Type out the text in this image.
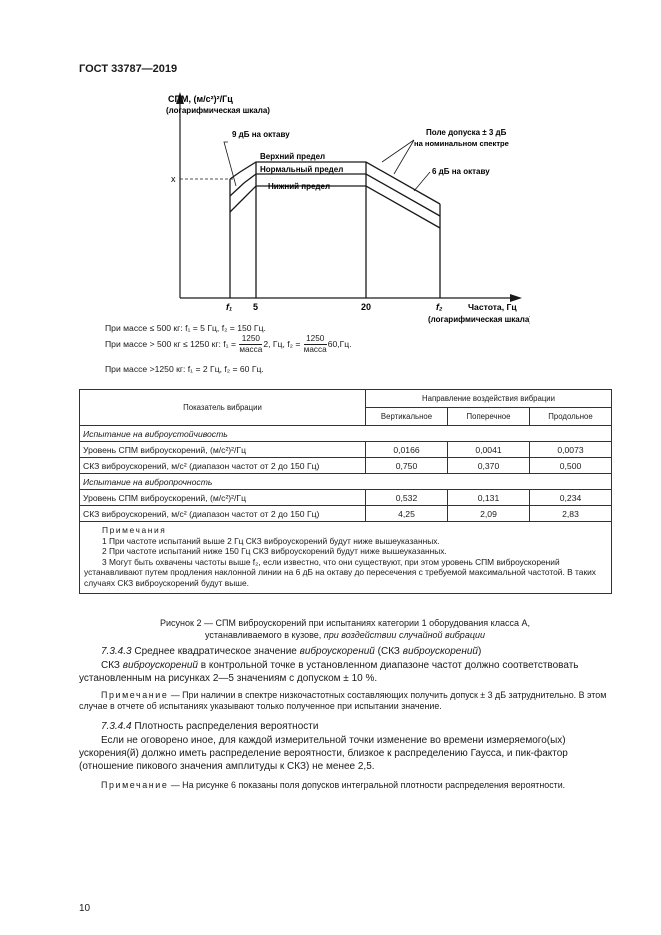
ГОСТ 33787—2019
СПМ, (м/с²)²/Гц
(логарифмическая шкала)
x
9 дБ на октаву	Поле допуска ± 3 дБ
на номинальном спектре
6 дБ на октаву
Верхний предел
Нормальный предел
Нижний предел
f₁ 5	20	f₂	Частота, Гц
(логарифмическая шкала)
При массе ≤ 500 кг: f₁ = 5 Гц, f₂ = 150 Гц.
При массе > 500 кг ≤ 1250 кг: $f_1 = \frac{1250}{\text{масса}} 2$, Гц, $f_2 = \frac{1250}{\text{масса}} 60,Гц$.
При массе >1250 кг: f₁ = 2 Гц, f₂ = 60 Гц.
Показатель вибрации	Направление воздействия вибрации		
	Вертикальное	Поперечное	Продольное
Испытание на виброустойчивость			
Уровень СПМ виброускорений, (м/с²)²/Гц	0,0166	0,0041	0,0073
СКЗ виброускорений, м/с² (диапазон частот от 2 до 150 Гц)	0,750	0,370	0,500
Испытание на вибропрочность			
Уровень СПМ виброускорений, (м/с²)²/Гц	0,532	0,131	0,234
СКЗ виброускорений, м/с² (диапазон частот от 2 до 150 Гц)	4,25	2,09	2,83

Примечания
1 При частоте испытаний выше 2 Гц СКЗ виброускорений будут ниже вышеуказанных.
2 При частоте испытаний ниже 150 Гц СКЗ виброускорений будут ниже вышеуказанных.
3 Могут быть охвачены частоты выше f₂, если известно, что они существуют, при этом уровень СПМ виброускорений устанавливают путем продления наклонной линии на 6 дБ на октаву до пересечения с требуемой максимальной частотой. В таких случаях СКЗ виброускорений будут выше.			
Рисунок 2 — СПМ виброускорений при испытаниях категории 1 оборудования класса А,
устанавливаемого в кузове, при воздействии случайной вибрации
7.3.4.3 Среднее квадратическое значение виброускорений (СКЗ виброускорений)
СКЗ виброускорений в контрольной точке в установленном диапазоне частот должно соответствовать установленным на рисунках 2—5 значениям с допуском ± 10 %.
Примечание — При наличии в спектре низкочастотных составляющих получить допуск ± 3 дБ затруднительно. В этом случае в отчете об испытаниях указывают только полученное при испытании значение.
7.3.4.4 Плотность распределения вероятности
Если не оговорено иное, для каждой измерительной точки изменение во времени измеряемого(ых) ускорения(й) должно иметь распределение вероятности, близкое к распределению Гаусса, и пик-фактор (отношение пикового значения амплитуды к СКЗ) не менее 2,5.
Примечание — На рисунке 6 показаны поля допусков интегральной плотности распределения вероятности.
10
